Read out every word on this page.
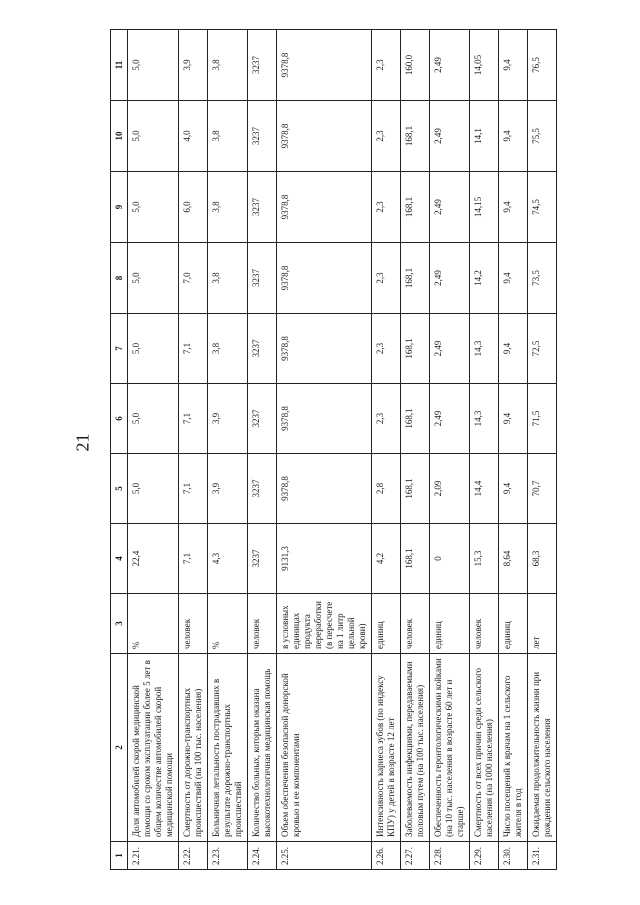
21
1	2	3	4	5	6	7	8	9	10	11
2.21.	Доля автомобилей скорой медицинской помощи со сроком эксплуатации более 5 лет в общем количестве автомобилей скорой медицинской помощи	%	22,4	5,0	5,0	5,0	5,0	5,0	5,0	5,0
2.22.	Смертность от дорожно-транспортных происшествий (на 100 тыс. населения)	человек	7,1	7,1	7,1	7,1	7,0	6,0	4,0	3,9
2.23.	Больничная летальность пострадавших в результате дорожно-транспортных происшествий	%	4,3	3,9	3,9	3,8	3,8	3,8	3,8	3,8
2.24.	Количество больных, которым оказана высокотехнологичная медицинская помощь	человек	3237	3237	3237	3237	3237	3237	3237	3237
2.25.	Объем обеспечения безопасной донорской кровью и ее компонентами	в условных единицах продукта переработки (в пересчете на 1 литр цельной крови)	9131,3	9378,8	9378,8	9378,8	9378,8	9378,8	9378,8	9378,8
2.26.	Интенсивность кариеса зубов (по индексу КПУ) у детей в возрасте 12 лет	единиц	4,2	2,8	2,3	2,3	2,3	2,3	2,3	2,3
2.27.	Заболеваемость инфекциями, передаваемыми половым путем (на 100 тыс. населения)	человек	168,1	168,1	168,1	168,1	168,1	168,1	168,1	160,0
2.28.	Обеспеченность геронтологическими койками (на 10 тыс. населения в возрасте 60 лет и старше)	единиц	0	2,09	2,49	2,49	2,49	2,49	2,49	2,49
2.29.	Смертность от всех причин среди сельского населения (на 1000 населения)	человек	15,3	14,4	14,3	14,3	14,2	14,15	14,1	14,05
2.30.	Число посещений к врачам на 1 сельского жителя в год	единиц	8,64	9,4	9,4	9,4	9,4	9,4	9,4	9,4
2.31.	Ожидаемая продолжительность жизни при рождении сельского населения	лет	68,3	70,7	71,5	72,5	73,5	74,5	75,5	76,5
